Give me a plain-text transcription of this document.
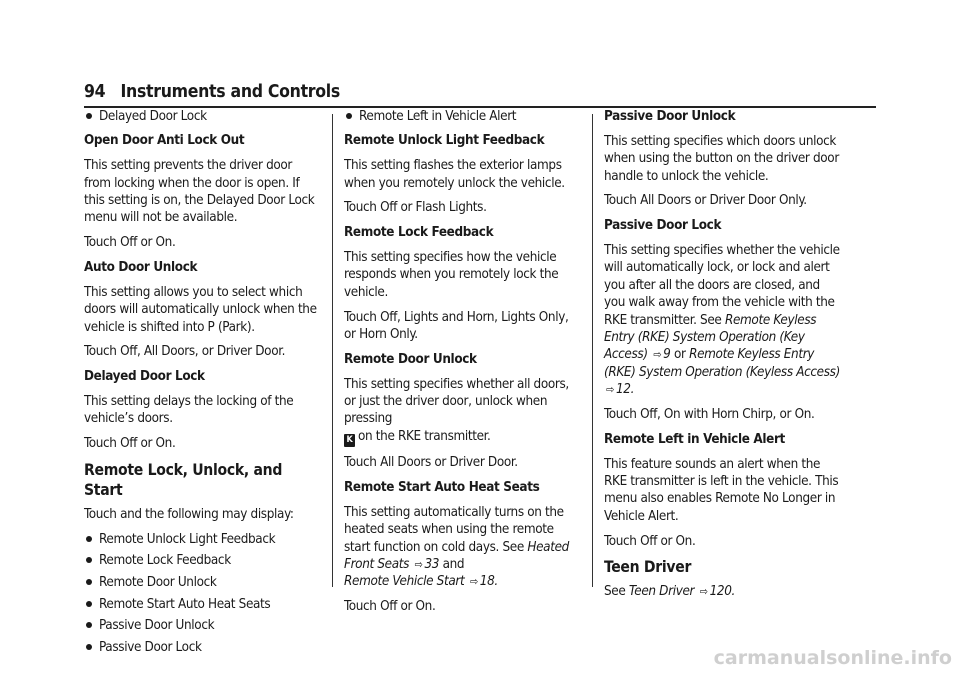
94 Instruments and Controls
Delayed Door Lock

Open Door Anti Lock Out

This setting prevents the driver door from locking when the door is open. If this setting is on, the Delayed Door Lock menu will not be available.

Touch Off or On.

Auto Door Unlock

This setting allows you to select which doors will automatically unlock when the vehicle is shifted into P (Park).

Touch Off, All Doors, or Driver Door.

Delayed Door Lock

This setting delays the locking of the vehicle’s doors.

Touch Off or On.

Remote Lock, Unlock, and Start

Touch and the following may display:

Remote Unlock Light Feedback
Remote Lock Feedback
Remote Door Unlock
Remote Start Auto Heat Seats
Passive Door Unlock
Passive Door Lock
Remote Left in Vehicle Alert

Remote Unlock Light Feedback

This setting flashes the exterior lamps when you remotely unlock the vehicle.

Touch Off or Flash Lights.

Remote Lock Feedback

This setting specifies how the vehicle responds when you remotely lock the vehicle.

Touch Off, Lights and Horn, Lights Only,
or Horn Only.

Remote Door Unlock

This setting specifies whether all doors,
or just the driver door, unlock when pressing
K on the RKE transmitter.

Touch All Doors or Driver Door.

Remote Start Auto Heat Seats

This setting automatically turns on the heated seats when using the remote start function on cold days. See Heated Front Seats ⇨ 33 and
Remote Vehicle Start ⇨ 18.

Touch Off or On.

Passive Door Unlock

This setting specifies which doors unlock when using the button on the driver door handle to unlock the vehicle.

Touch All Doors or Driver Door Only.

Passive Door Lock

This setting specifies whether the vehicle will automatically lock, or lock and alert you after all the doors are closed, and you walk away from the vehicle with the RKE transmitter. See Remote Keyless Entry (RKE) System Operation (Key Access) ⇨ 9 or Remote Keyless Entry (RKE) System Operation (Keyless Access) ⇨ 12.

Touch Off, On with Horn Chirp, or On.

Remote Left in Vehicle Alert

This feature sounds an alert when the RKE transmitter is left in the vehicle. This menu also enables Remote No Longer in Vehicle Alert.

Touch Off or On.

Teen Driver

See Teen Driver ⇨ 120.

carmanualsonline.info
